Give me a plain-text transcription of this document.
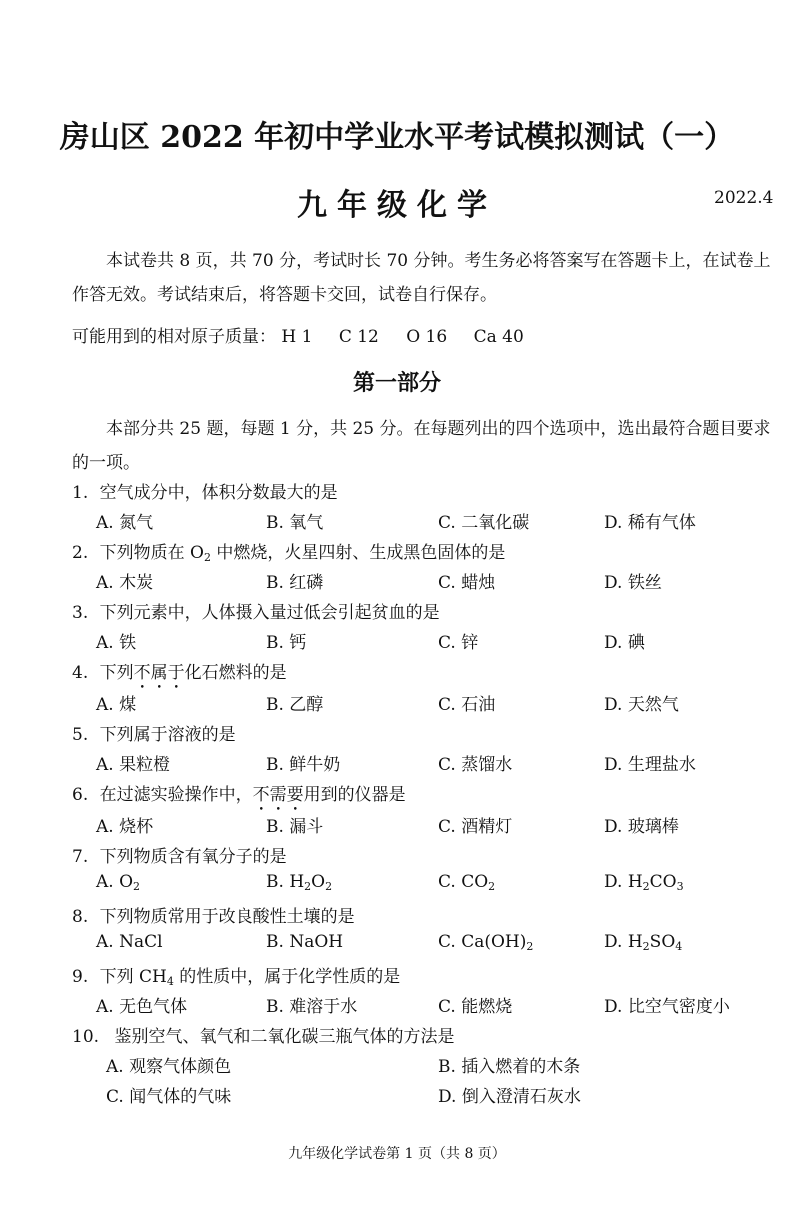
房山区 2022 年初中学业水平考试模拟测试（一）
九年级化学	2022.4
本试卷共 8 页，共 70 分，考试时长 70 分钟。考生务必将答案写在答题卡上，在试卷上作答无效。考试结束后，将答题卡交回，试卷自行保存。
可能用到的相对原子质量： H 1 C 12 O 16 Ca 40
第一部分
本部分共 25 题，每题 1 分，共 25 分。在每题列出的四个选项中，选出最符合题目要求的一项。
1. 空气成分中，体积分数最大的是
A. 氮气	B. 氧气	C. 二氧化碳	D. 稀有气体
2. 下列物质在 $O_2$ 中燃烧，火星四射、生成黑色固体的是
A. 木炭	B. 红磷	C. 蜡烛	D. 铁丝
3. 下列元素中，人体摄入量过低会引起贫血的是
A. 铁	B. 钙	C. 锌	D. 碘
4. 下列不属于化石燃料的是
A. 煤	B. 乙醇	C. 石油	D. 天然气
5. 下列属于溶液的是
A. 果粒橙	B. 鲜牛奶	C. 蒸馏水	D. 生理盐水
6. 在过滤实验操作中，不需要用到的仪器是
A. 烧杯	B. 漏斗	C. 酒精灯	D. 玻璃棒
7. 下列物质含有氧分子的是
A. $O_2$	B. $H_2O_2$	C. $CO_2$	D. $H_2CO_3$
8. 下列物质常用于改良酸性土壤的是
A. NaCl	B. NaOH	C. $Ca(OH)_2$	D. $H_2SO_4$
9. 下列 $CH_4$ 的性质中，属于化学性质的是
A. 无色气体	B. 难溶于水	C. 能燃烧	D. 比空气密度小
10. 鉴别空气、氧气和二氧化碳三瓶气体的方法是
A. 观察气体颜色	B. 插入燃着的木条
C. 闻气体的气味	D. 倒入澄清石灰水
九年级化学试卷第 1 页（共 8 页）
